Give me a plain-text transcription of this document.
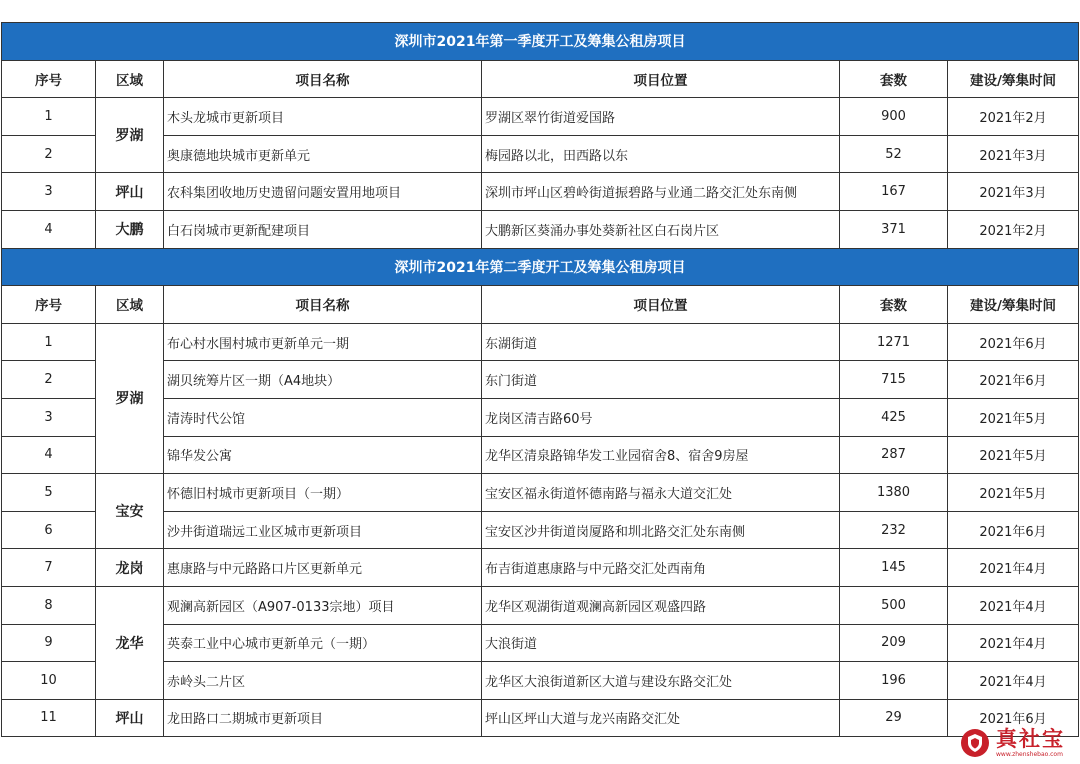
深圳市2021年第一季度开工及筹集公租房项目					
序号	区域	项目名称	项目位置	套数	建设/筹集时间
1	罗湖	木头龙城市更新项目	罗湖区翠竹街道爱国路	900	2021年2月
2		奥康德地块城市更新单元	梅园路以北，田西路以东	52	2021年3月
3	坪山	农科集团收地历史遗留问题安置用地项目	深圳市坪山区碧岭街道振碧路与业通二路交汇处东南侧	167	2021年3月
4	大鹏	白石岗城市更新配建项目	大鹏新区葵涌办事处葵新社区白石岗片区	371	2021年2月
深圳市2021年第二季度开工及筹集公租房项目					
序号	区域	项目名称	项目位置	套数	建设/筹集时间
1	罗湖	布心村水围村城市更新单元一期	东湖街道	1271	2021年6月
2		湖贝统筹片区一期（A4地块）	东门街道	715	2021年6月
3		清涛时代公馆	龙岗区清吉路60号	425	2021年5月
4		锦华发公寓	龙华区清泉路锦华发工业园宿舍8、宿舍9房屋	287	2021年5月
5	宝安	怀德旧村城市更新项目（一期）	宝安区福永街道怀德南路与福永大道交汇处	1380	2021年5月
6		沙井街道瑞远工业区城市更新项目	宝安区沙井街道岗厦路和圳北路交汇处东南侧	232	2021年6月
7	龙岗	惠康路与中元路路口片区更新单元	布吉街道惠康路与中元路交汇处西南角	145	2021年4月
8	龙华	观澜高新园区（A907-0133宗地）项目	龙华区观湖街道观澜高新园区观盛四路	500	2021年4月
9		英泰工业中心城市更新单元（一期）	大浪街道	209	2021年4月
10		赤岭头二片区	龙华区大浪街道新区大道与建设东路交汇处	196	2021年4月
11	坪山	龙田路口二期城市更新项目	坪山区坪山大道与龙兴南路交汇处	29	2021年6月
真社宝
www.zhenshebao.com
